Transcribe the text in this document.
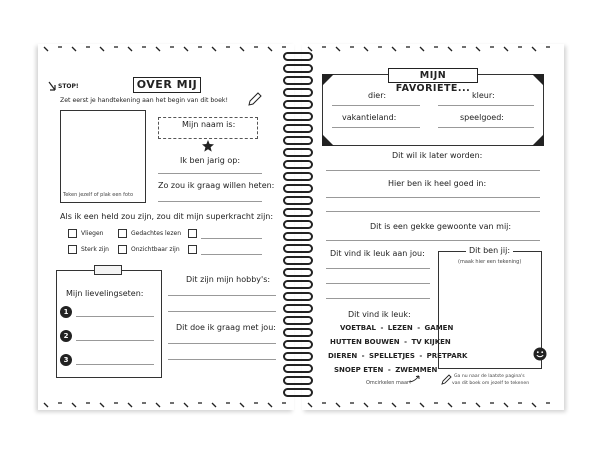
STOP!	OVER MIJ
Zet eerst je handtekening aan het begin van dit boek!
Teken jezelf of plak een foto
Mijn naam is:
Ik ben jarig op:
Zo zou ik graag willen heten:
Als ik een held zou zijn, zou dit mijn superkracht zijn:
Vliegen	Gedachtes lezen
Sterk zijn	Onzichtbaar zijn
Mijn lievelingseten:
1
2
3
Dit zijn mijn hobby's:
Dit doe ik graag met jou:
MIJN FAVORIETE...
dier:	kleur:
vakantieland:	speelgoed:
Dit wil ik later worden:
Hier ben ik heel goed in:
Dit is een gekke gewoonte van mij:
Dit vind ik leuk aan jou:	Dit ben jij:
(maak hier een tekening)
Dit vind ik leuk:
VOETBAL - LEZEN - GAMEN
HUTTEN BOUWEN - TV KIJKEN
DIEREN - SPELLETJES - PRETPARK
SNOEP ETEN - ZWEMMEN
Omcirkelen maar!
Ga nu naar de laatste pagina's
van dit boek om jezelf te tekenen
